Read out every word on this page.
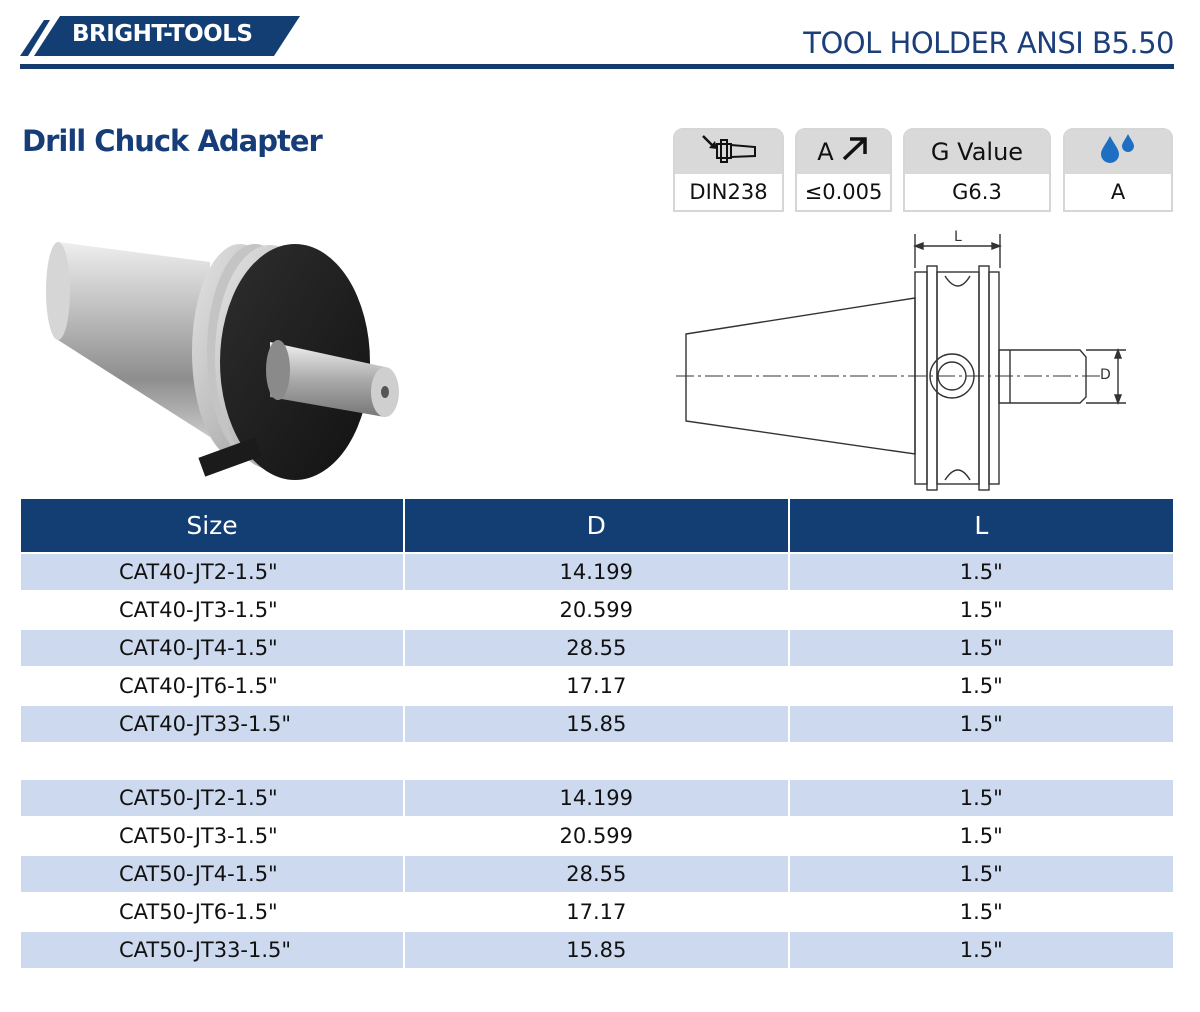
BRIGHT-TOOLS	TOOL HOLDER ANSI B5.50
Drill Chuck Adapter
DIN238
A
≤0.005
G Value
G6.3	A
L
D
Size	D	L
CAT40-JT2-1.5"	14.199	1.5"
CAT40-JT3-1.5"	20.599	1.5"
CAT40-JT4-1.5"	28.55	1.5"
CAT40-JT6-1.5"	17.17	1.5"
CAT40-JT33-1.5"	15.85	1.5"

CAT50-JT2-1.5"	14.199	1.5"
CAT50-JT3-1.5"	20.599	1.5"
CAT50-JT4-1.5"	28.55	1.5"
CAT50-JT6-1.5"	17.17	1.5"
CAT50-JT33-1.5"	15.85	1.5"
